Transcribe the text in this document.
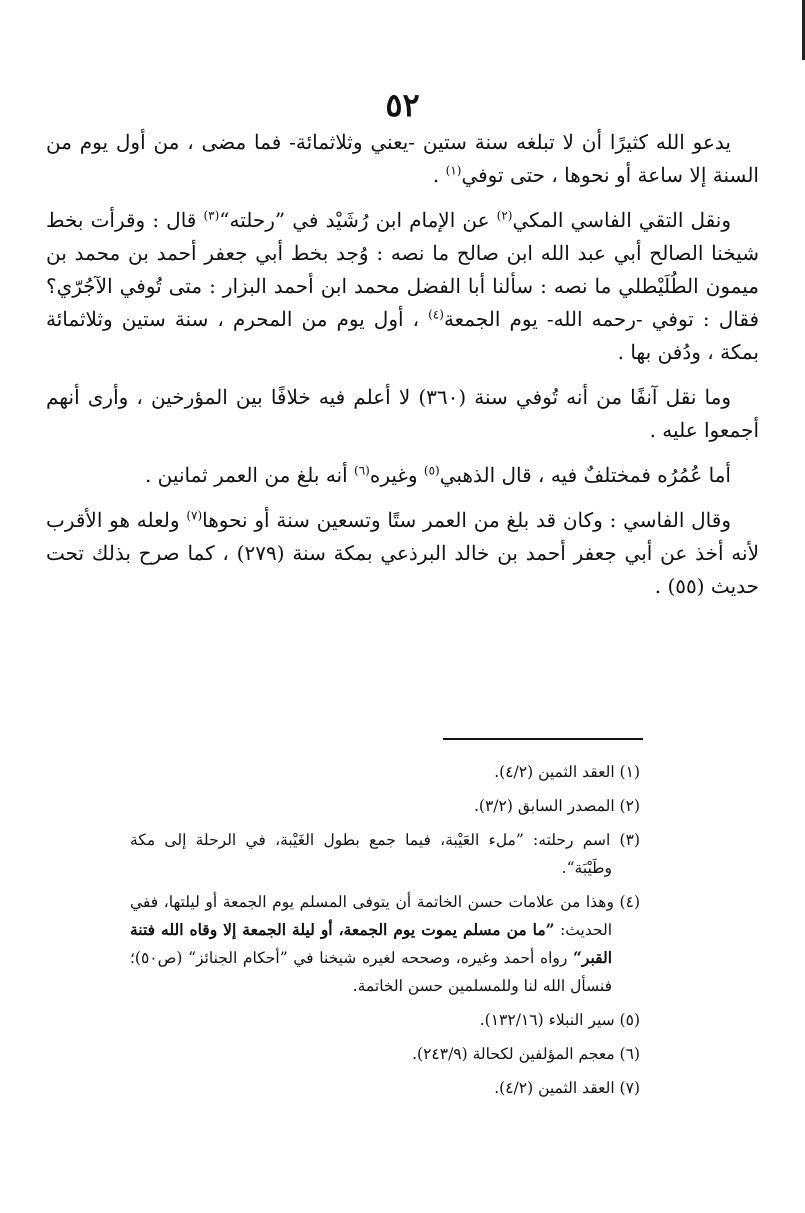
٥٢

يدعو الله كثيرًا أن لا تبلغه سنة ستين -يعني وثلاثمائة- فما مضى ، من أول يوم من السنة إلا ساعة أو نحوها ، حتى توفي$^{(١)}$ .

ونقل التقي الفاسي المكي$^{(٢)}$ عن الإمام ابن رُشَيْد في ”رحلته“$^{(٣)}$ قال : وقرأت بخط شيخنا الصالح أبي عبد الله ابن صالح ما نصه : وُجد بخط أبي جعفر أحمد بن محمد بن ميمون الطُلَيْطلي ما نصه : سألنا أبا الفضل محمد ابن أحمد البزار : متى تُوفي الآجُرّي؟ فقال : توفي -رحمه الله- يوم الجمعة$^{(٤)}$ ، أول يوم من المحرم ، سنة ستين وثلاثمائة بمكة ، ودُفن بها .

وما نقل آنفًا من أنه تُوفي سنة (٣٦٠) لا أعلم فيه خلافًا بين المؤرخين ، وأرى أنهم أجمعوا عليه .

أما عُمُرُه فمختلفٌ فيه ، قال الذهبي$^{(٥)}$ وغيره$^{(٦)}$ أنه بلغ من العمر ثمانين .

وقال الفاسي : وكان قد بلغ من العمر ستًا وتسعين سنة أو نحوها$^{(٧)}$ ولعله هو الأقرب لأنه أخذ عن أبي جعفر أحمد بن خالد البرذعي بمكة سنة (٢٧٩) ، كما صرح بذلك تحت حديث (٥٥) .

(١) العقد الثمين (٤/٢).
(٢) المصدر السابق (٣/٢).
(٣) اسم رحلته: ”ملء العَيْبة، فيما جمع بطول الغَيْبة، في الرحلة إلى مكة وطَيْبَة“.
(٤) وهذا من علامات حسن الخاتمة أن يتوفى المسلم يوم الجمعة أو ليلتها، ففي الحديث: ”ما من مسلم يموت يوم الجمعة، أو ليلة الجمعة إلا وقاه الله فتنة القبر“ رواه أحمد وغيره، وصححه لغيره شيخنا في ”أحكام الجنائز“ (ص٥٠)؛ فنسأل الله لنا وللمسلمين حسن الخاتمة.
(٥) سير النبلاء (١٣٢/١٦).
(٦) معجم المؤلفين لكحالة (٢٤٣/٩).
(٧) العقد الثمين (٤/٢).
